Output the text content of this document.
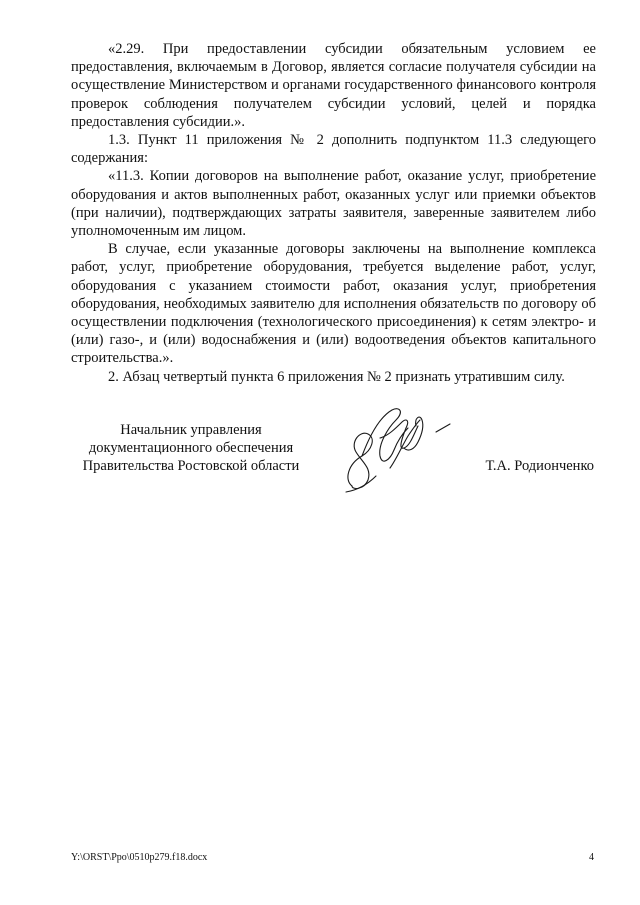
«2.29. При предоставлении субсидии обязательным условием ее предоставления, включаемым в Договор, является согласие получателя субсидии на осуществление Министерством и органами государственного финансового контроля проверок соблюдения получателем субсидии условий, целей и порядка предоставления субсидии.».

1.3. Пункт 11 приложения № 2 дополнить подпунктом 11.3 следующего содержания:

«11.3. Копии договоров на выполнение работ, оказание услуг, приобретение оборудования и актов выполненных работ, оказанных услуг или приемки объектов (при наличии), подтверждающих затраты заявителя, заверенные заявителем либо уполномоченным им лицом.

В случае, если указанные договоры заключены на выполнение комплекса работ, услуг, приобретение оборудования, требуется выделение работ, услуг, оборудования с указанием стоимости работ, оказания услуг, приобретения оборудования, необходимых заявителю для исполнения обязательств по договору об осуществлении подключения (технологического присоединения) к сетям электро- и (или) газо-, и (или) водоснабжения и (или) водоотведения объектов капитального строительства.».

2. Абзац четвертый пункта 6 приложения № 2 признать утратившим силу.

Начальник управления
документационного обеспечения
Правительства Ростовской области	Т.А. Родионченко
Y:\ORST\Ppo\0510p279.f18.docx	4
